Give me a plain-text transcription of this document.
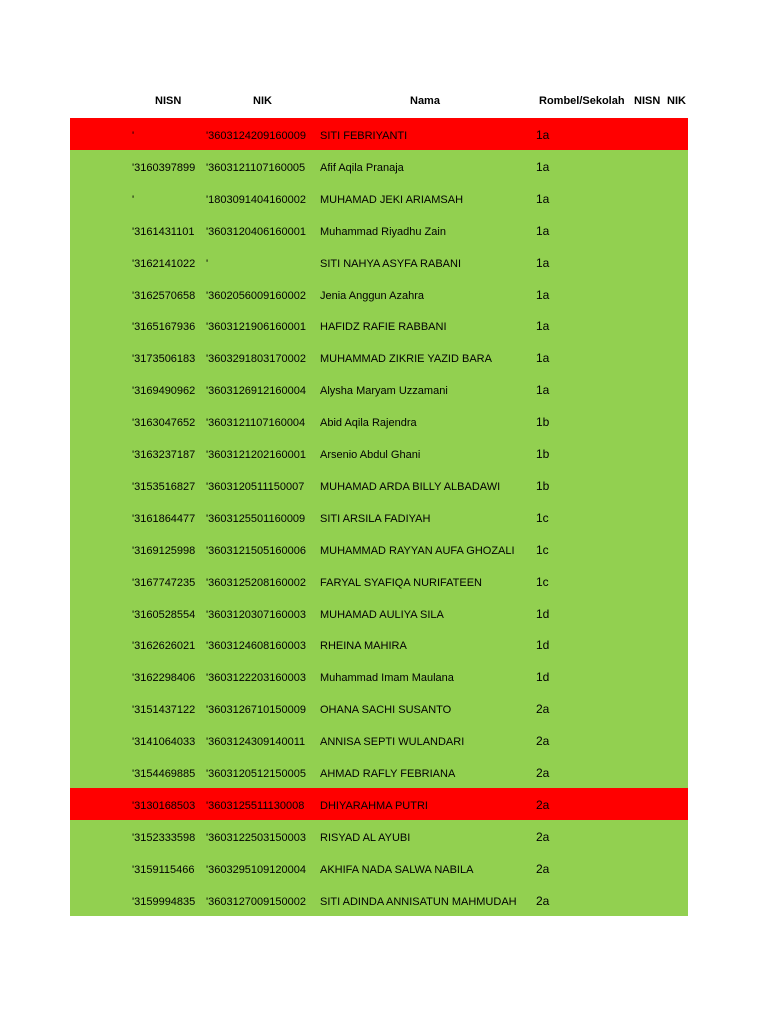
NISN	NIK	Nama	Rombel/Sekolah NISN NIK
'	'3603124209160009 SITI FEBRIYANTI	1a
'3160397899 '3603121107160005 Afif Aqila Pranaja	1a
'	'1803091404160002 MUHAMAD JEKI ARIAMSAH	1a
'3161431101 '3603120406160001 Muhammad Riyadhu Zain	1a
'3162141022 '	SITI NAHYA ASYFA RABANI	1a
'3162570658 '3602056009160002 Jenia Anggun Azahra	1a
'3165167936 '3603121906160001 HAFIDZ RAFIE RABBANI	1a
'3173506183 '3603291803170002 MUHAMMAD ZIKRIE YAZID BARA	1a
'3169490962 '3603126912160004 Alysha Maryam Uzzamani	1a
'3163047652 '3603121107160004 Abid Aqila Rajendra	1b
'3163237187 '3603121202160001 Arsenio Abdul Ghani	1b
'3153516827 '3603120511150007 MUHAMAD ARDA BILLY ALBADAWI	1b
'3161864477 '3603125501160009 SITI ARSILA FADIYAH	1c
'3169125998 '3603121505160006 MUHAMMAD RAYYAN AUFA GHOZALI 1c
'3167747235 '3603125208160002 FARYAL SYAFIQA NURIFATEEN	1c
'3160528554 '3603120307160003 MUHAMAD AULIYA SILA	1d
'3162626021 '3603124608160003 RHEINA MAHIRA	1d
'3162298406 '3603122203160003 Muhammad Imam Maulana	1d
'3151437122 '3603126710150009 OHANA SACHI SUSANTO	2a
'3141064033 '3603124309140011 ANNISA SEPTI WULANDARI	2a
'3154469885 '3603120512150005 AHMAD RAFLY FEBRIANA	2a
'3130168503 '3603125511130008 DHIYARAHMA PUTRI	2a
'3152333598 '3603122503150003 RISYAD AL AYUBI	2a
'3159115466 '3603295109120004 AKHIFA NADA SALWA NABILA	2a
'3159994835 '3603127009150002 SITI ADINDA ANNISATUN MAHMUDAH 2a
